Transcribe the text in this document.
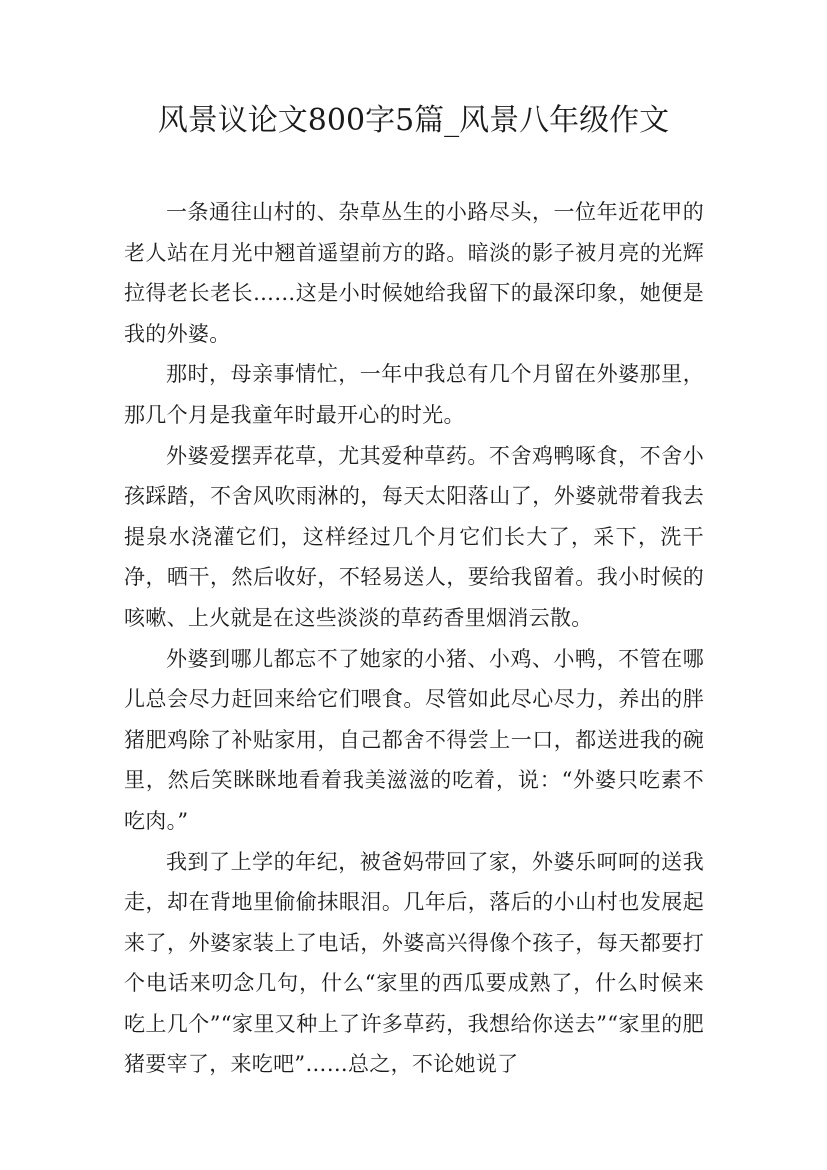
风景议论文800字5篇_风景八年级作文

一条通往山村的、杂草丛生的小路尽头，一位年近花甲的老人站在月光中翘首遥望前方的路。暗淡的影子被月亮的光辉拉得老长老长……这是小时候她给我留下的最深印象，她便是我的外婆。

那时，母亲事情忙，一年中我总有几个月留在外婆那里，那几个月是我童年时最开心的时光。

外婆爱摆弄花草，尤其爱种草药。不舍鸡鸭啄食，不舍小孩踩踏，不舍风吹雨淋的，每天太阳落山了，外婆就带着我去提泉水浇灌它们，这样经过几个月它们长大了，采下，洗干净，晒干，然后收好，不轻易送人，要给我留着。我小时候的咳嗽、上火就是在这些淡淡的草药香里烟消云散。

外婆到哪儿都忘不了她家的小猪、小鸡、小鸭，不管在哪儿总会尽力赶回来给它们喂食。尽管如此尽心尽力，养出的胖猪肥鸡除了补贴家用，自己都舍不得尝上一口，都送进我的碗里，然后笑眯眯地看着我美滋滋的吃着，说：“外婆只吃素不吃肉。”

我到了上学的年纪，被爸妈带回了家，外婆乐呵呵的送我走，却在背地里偷偷抹眼泪。几年后，落后的小山村也发展起来了，外婆家装上了电话，外婆高兴得像个孩子，每天都要打个电话来叨念几句，什么“家里的西瓜要成熟了，什么时候来吃上几个”“家里又种上了许多草药，我想给你送去”“家里的肥猪要宰了，来吃吧”……总之，不论她说了
